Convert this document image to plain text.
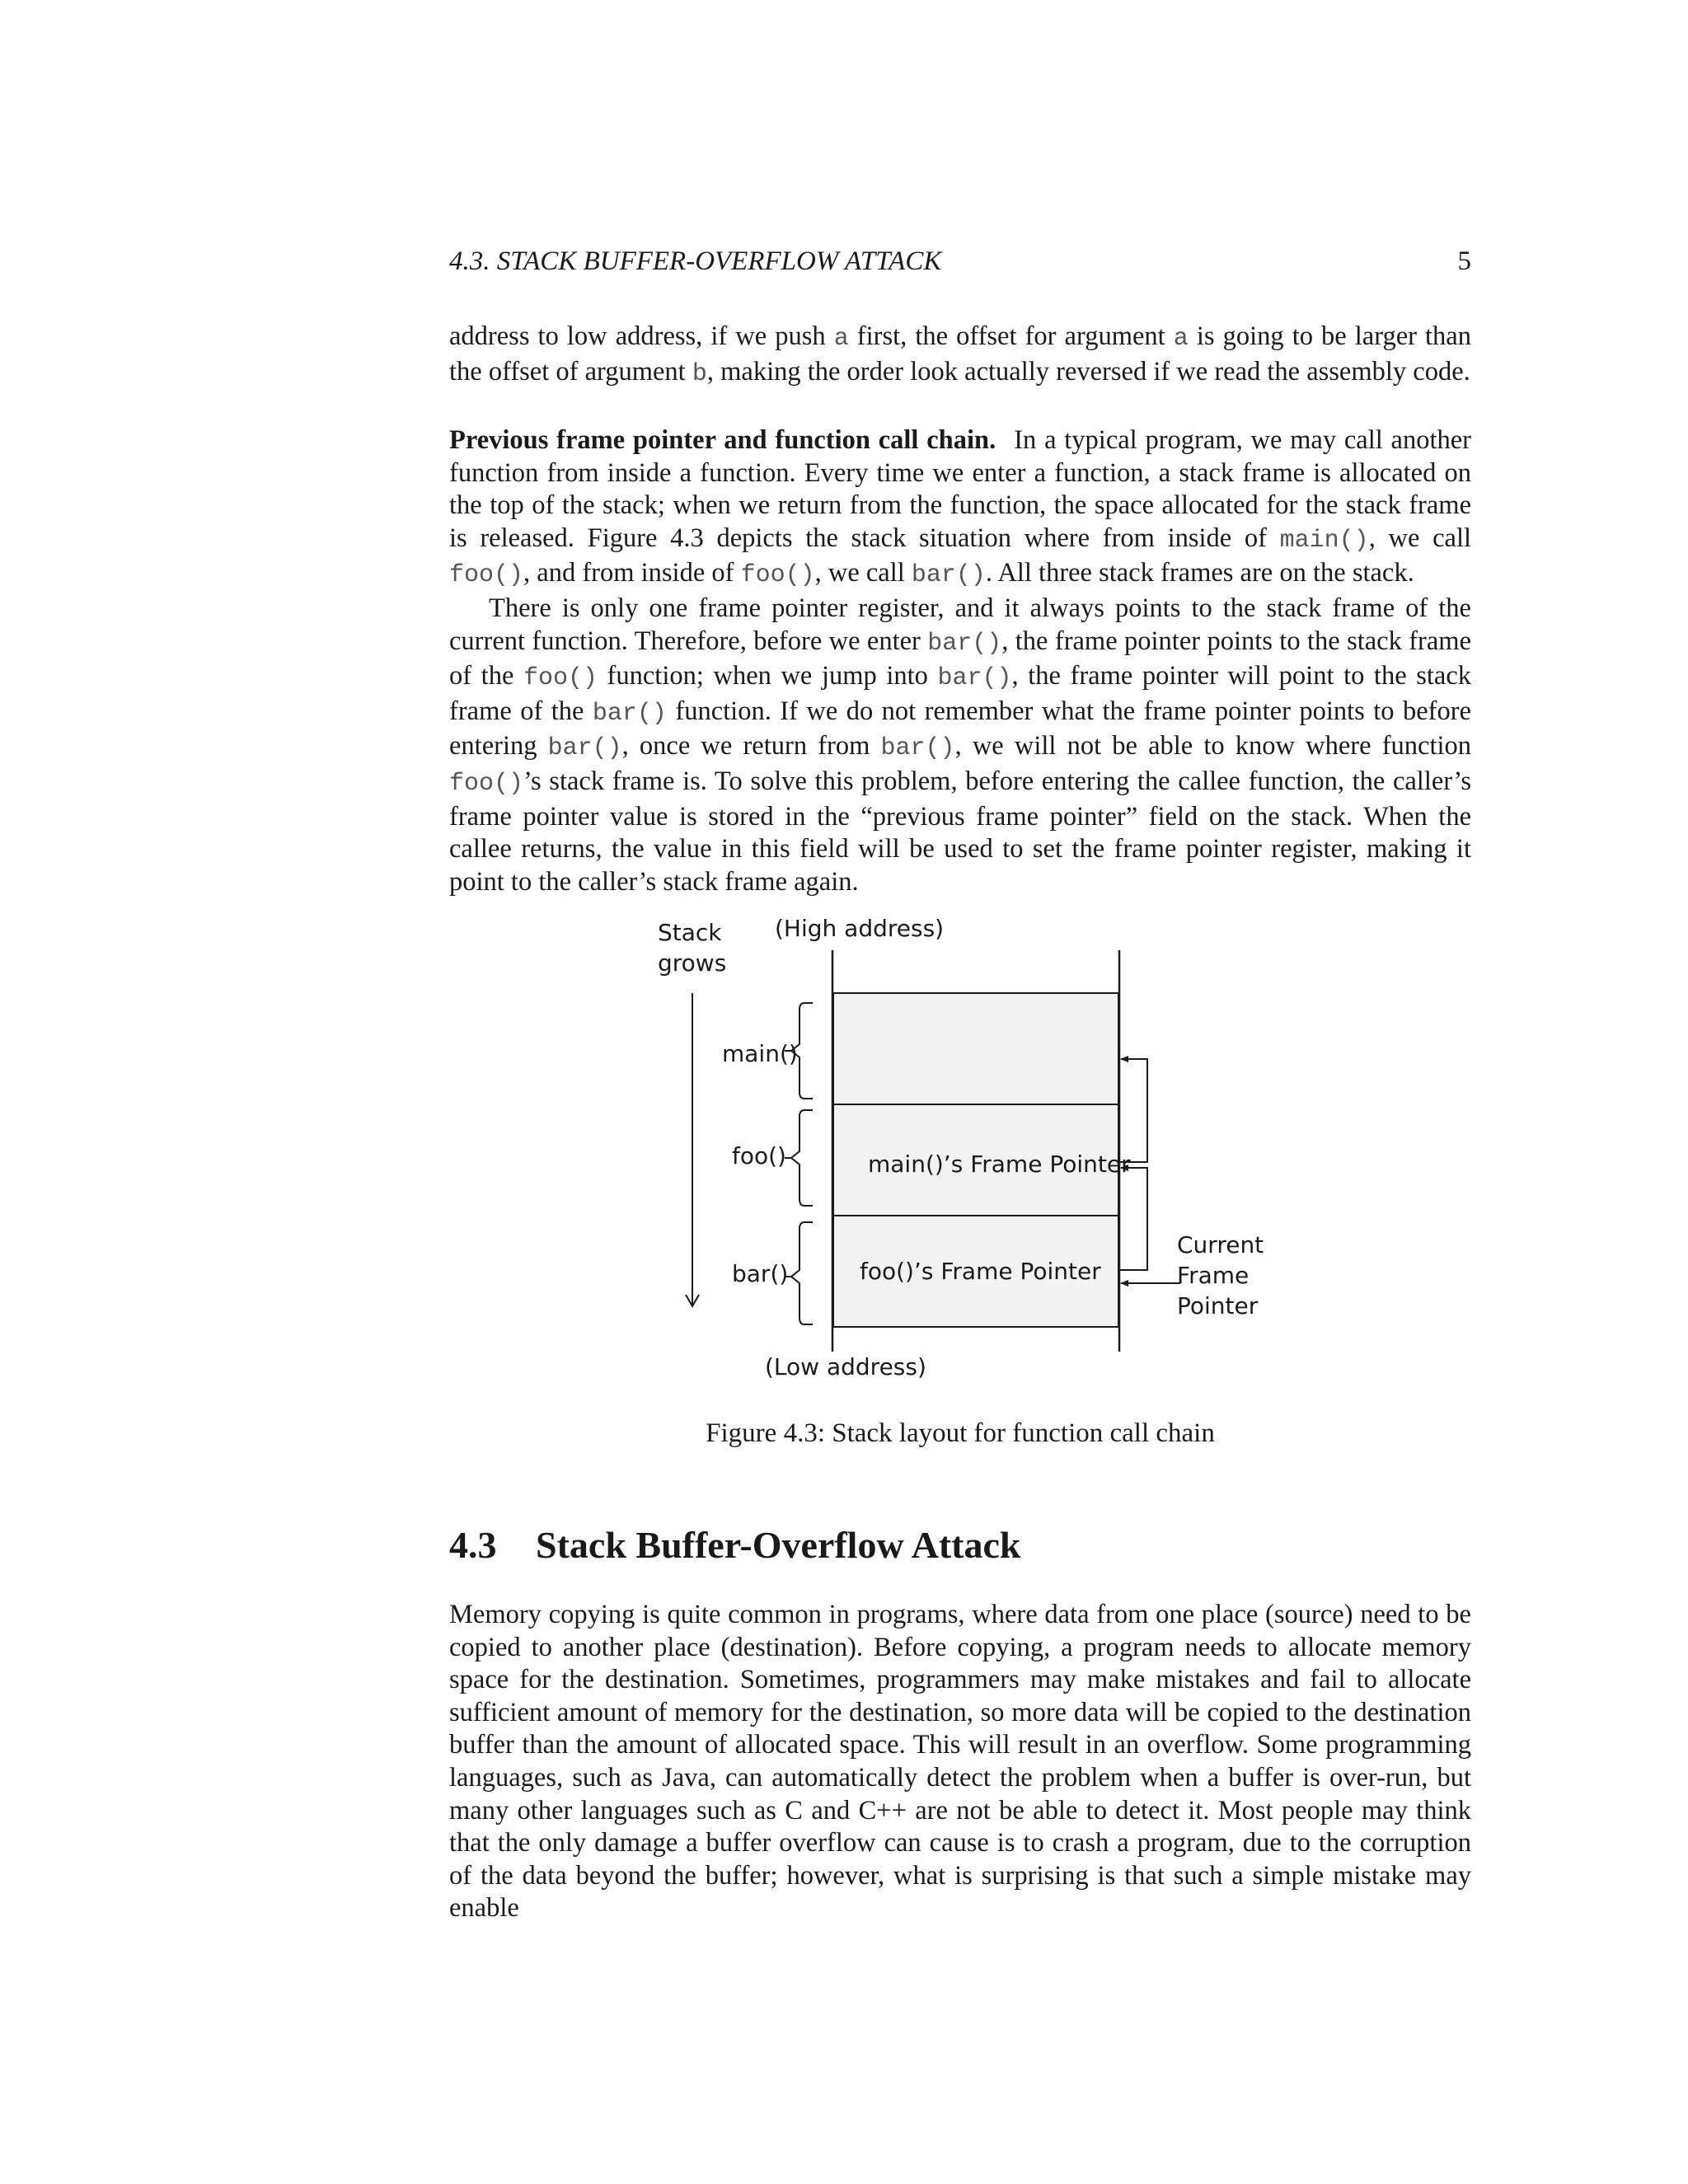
4.3. STACK BUFFER-OVERFLOW ATTACK	5

address to low address, if we push a first, the offset for argument a is going to be larger than the offset of argument b, making the order look actually reversed if we read the assembly code.

Previous frame pointer and function call chain. In a typical program, we may call another function from inside a function. Every time we enter a function, a stack frame is allocated on the top of the stack; when we return from the function, the space allocated for the stack frame is released. Figure 4.3 depicts the stack situation where from inside of main(), we call foo(), and from inside of foo(), we call bar(). All three stack frames are on the stack.

There is only one frame pointer register, and it always points to the stack frame of the current function. Therefore, before we enter bar(), the frame pointer points to the stack frame of the foo() function; when we jump into bar(), the frame pointer will point to the stack frame of the bar() function. If we do not remember what the frame pointer points to before entering bar(), once we return from bar(), we will not be able to know where function foo()’s stack frame is. To solve this problem, before entering the callee function, the caller’s frame pointer value is stored in the “previous frame pointer” field on the stack. When the callee returns, the value in this field will be used to set the frame pointer register, making it point to the caller’s stack frame again.

Stack
grows
(High address)
(Low address)
main()’s Frame Pointer
foo()’s Frame Pointer
main()
foo()
bar()
Current
Frame
Pointer
Figure 4.3: Stack layout for function call chain
4.3 Stack Buffer-Overflow Attack

Memory copying is quite common in programs, where data from one place (source) need to be copied to another place (destination). Before copying, a program needs to allocate memory space for the destination. Sometimes, programmers may make mistakes and fail to allocate sufficient amount of memory for the destination, so more data will be copied to the destination buffer than the amount of allocated space. This will result in an overflow. Some programming languages, such as Java, can automatically detect the problem when a buffer is over-run, but many other languages such as C and C++ are not be able to detect it. Most people may think that the only damage a buffer overflow can cause is to crash a program, due to the corruption of the data beyond the buffer; however, what is surprising is that such a simple mistake may enable
